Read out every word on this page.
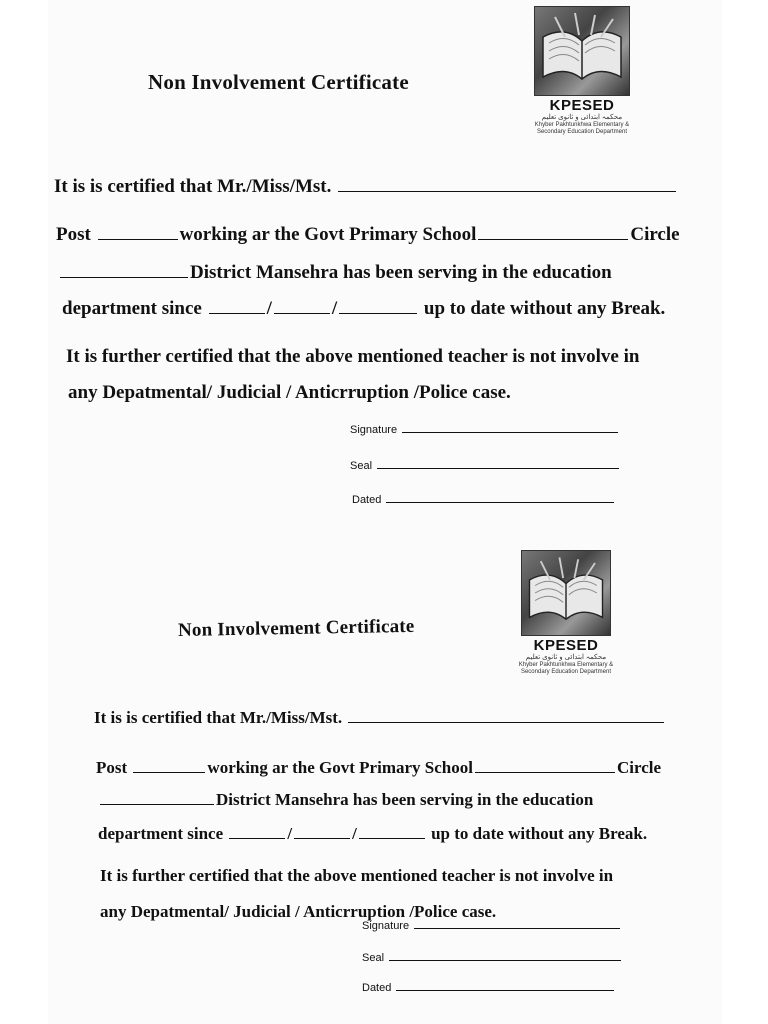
Non Involvement Certificate
KPESED
محکمہ ابتدائی و ثانوی تعلیم
Khyber Pakhtunkhwa Elementary &
Secondary Education Department
It is is certified that Mr./Miss/Mst.
Post	working ar the Govt Primary School	Circle
District Mansehra has been serving in the education
department since	/	/	up to date without any Break.
It is further certified that the above mentioned teacher is not involve in
any Depatmental/ Judicial / Anticrruption /Police case.
Signature
Seal
Dated
Non Involvement Certificate
KPESED
محکمہ ابتدائی و ثانوی تعلیم
Khyber Pakhtunkhwa Elementary &
Secondary Education Department
It is is certified that Mr./Miss/Mst.
Post	working ar the Govt Primary School	Circle
District Mansehra has been serving in the education
department since	/	/	up to date without any Break.
It is further certified that the above mentioned teacher is not involve in
any Depatmental/ Judicial / Anticrruption /Police case.
Signature
Seal
Dated
